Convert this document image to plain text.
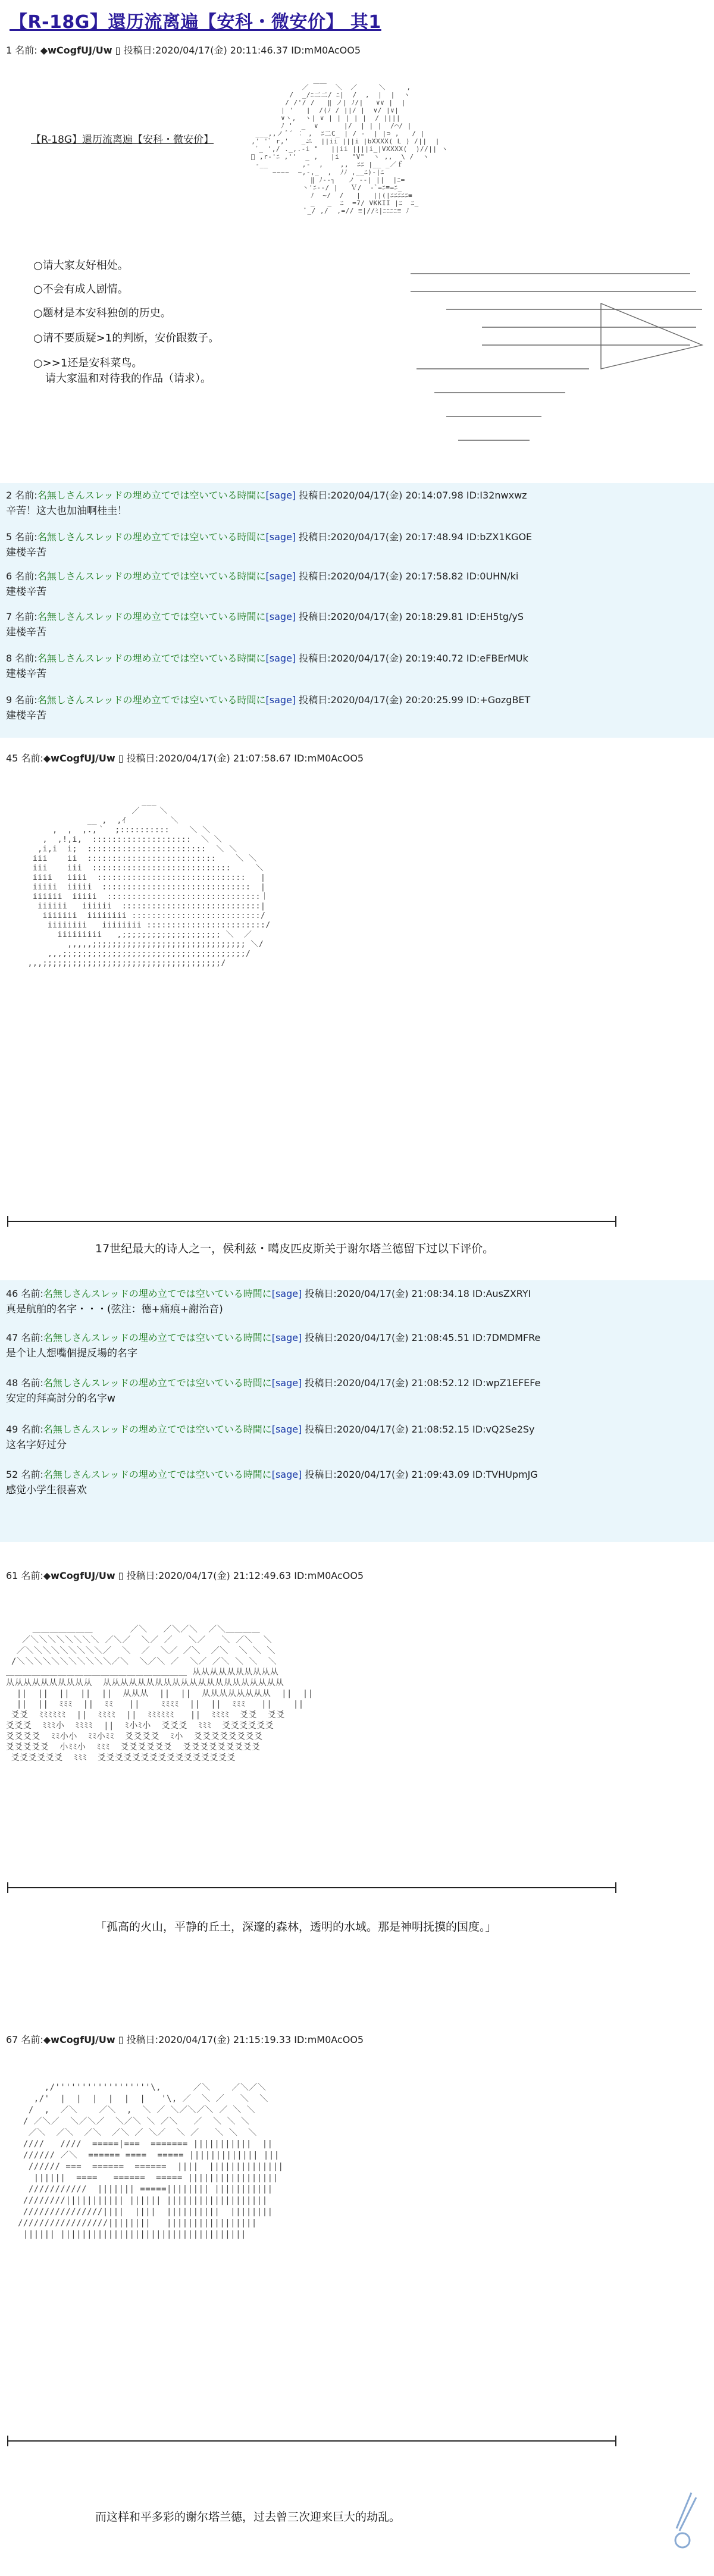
【R-18G】還历流离遍【安科・微安价】 其1
1 名前: ◆wCogfUJ/Uw ▯ 投稿日:2020/04/17(金) 20:11:46.37 ID:mM0AcOO5
【R-18G】還历流离遍【安科・微安价】
○请大家友好相处。
○不会有成人剧情。
○题材是本安科独创的历史。
○请不要质疑>1的判断，安价跟数子。
○>>1还是安科菜鸟。
请大家温和对待我的作品（请求）。
／ ￣￣  ＼  ／     ＼     ,
/  _/ﾆ二二/ ﾆ|  /  ,  |  |  ヽ
/ /'/ /   ‖ ノ| ﾉ/|   ∨∨ |  |
| '   |  /(ﾉ / ||/ |  ∨/ |∨|
∨ヽ,  ヽ| ∨ | | | | |  / ||||
ﾉ '  _  ∨      |/  | | |  /⌒/ |
___,,ノ ﾞ´ ︰ ,  ﾆ二C_ | / -  | |⊃ ,   / |
,' 'ﾞ r,'   _ニ  ||ii |||i |bXXXX( L ) /||  |
ﾟ_ ',/ ._,.-i "   ||ii ||||i_|VXXXX(  )//|| ヽ
ﾟ ,r-'ﾆ ,''  _ ,   |i   "V"  ヽ ,,  \ /  ヽ
-__        ,-  ,    ,,  ﾆﾆ |__ _／ｆ
~~~~  ~,-,_  ,  ﾉﾉ ,__ﾆ)-|ﾆ
‖ ﾉ-‐┐   ノ --| ||  |ﾆ=
ヽ'ﾆ--/ |   Ｖ/  -ﾞ=ﾆ≡=ﾆ_
ﾉ  ~/  /   |   ||(|ﾆﾆﾆﾆﾆ≡
_   _  ﾆ  =7/ VKKII |ﾆ  ﾆ_
ﾞ_/ ,/  ,=// ≡|//ﾐ|ﾆﾆﾆﾆ≡ ﾉ
2 名前:名無しさんスレッドの埋め立てでは空いている時間に[sage] 投稿日:2020/04/17(金) 20:14:07.98 ID:I32nwxwz
辛苦！这大也加油啊桂圭！
5 名前:名無しさんスレッドの埋め立てでは空いている時間に[sage] 投稿日:2020/04/17(金) 20:17:48.94 ID:bZX1KGOE
建楼辛苦
6 名前:名無しさんスレッドの埋め立てでは空いている時間に[sage] 投稿日:2020/04/17(金) 20:17:58.82 ID:0UHN/ki
建楼辛苦
7 名前:名無しさんスレッドの埋め立てでは空いている時間に[sage] 投稿日:2020/04/17(金) 20:18:29.81 ID:EH5tg/yS
建楼辛苦
8 名前:名無しさんスレッドの埋め立てでは空いている時間に[sage] 投稿日:2020/04/17(金) 20:19:40.72 ID:eFBErMUk
建楼辛苦
9 名前:名無しさんスレッドの埋め立てでは空いている時間に[sage] 投稿日:2020/04/17(金) 20:20:25.99 ID:+GozgBET
建楼辛苦
45 名前:◆wCogfUJ/Uw ▯ 投稿日:2020/04/17(金) 21:07:58.67 ID:mM0AcOO5
___
／    ＼
__ ,  ,ｲ         ＼
,  ,  ,.,｀  ;::::::::::    ＼ ＼
,  ,!,i,  ::::::::::::::::::::  ＼ ＼
,i,i  i;  ::::::::::::::::::::::::  ＼ ＼
iii    ii  ::::::::::::::::::::::::::    ＼ ＼
iii    iii  ::::::::::::::::::::::::::::     ＼
iiii   iiii  ::::::::::::::::::::::::::::::   |
iiiii  iiiii  ::::::::::::::::::::::::::::::  |
iiiiii  iiiii  :::::::::::::::::::::::::::::::｜
iiiiii   iiiiii  ::::::::::::::::::::::::::::|
iiiiiii  iiiiiiii ::::::::::::::::::::::::::/
iiiiiiii   iiiiiiii ::::::::::::::::::::::::/
iiiiiiiii   ,;;;;;;;;;;;;;;;;;;;; ＼  ／
,,,,,;;;;;;;;;;;;;;;;;;;;;;;;;;;;;;; ＼/
,,,;;;;;;;;;;;;;;;;;;;;;;;;;;;;;;;;;;;;;/
,,,;;;;;;;;;;;;;;;;;;;;;;;;;;;;;;;;;;;;/
17世纪最大的诗人之一，侯利兹・噶皮匹皮斯关于谢尔塔兰德留下过以下评价。
46 名前:名無しさんスレッドの埋め立てでは空いている時間に[sage] 投稿日:2020/04/17(金) 21:08:34.18 ID:AusZXRYI
真是航舶的名字・・・(弦注：德+痛痕+謝治音)
47 名前:名無しさんスレッドの埋め立てでは空いている時間に[sage] 投稿日:2020/04/17(金) 21:08:45.51 ID:7DMDMFRe
是个让人想嘴個提反場的名字
48 名前:名無しさんスレッドの埋め立てでは空いている時間に[sage] 投稿日:2020/04/17(金) 21:08:52.12 ID:wpZ1EFEFe
安定的拜高討分的名字w
49 名前:名無しさんスレッドの埋め立てでは空いている時間に[sage] 投稿日:2020/04/17(金) 21:08:52.15 ID:vQ2Se2Sy
这名字好过分
52 名前:名無しさんスレッドの埋め立てでは空いている時間に[sage] 投稿日:2020/04/17(金) 21:09:43.09 ID:TVHUpmJG
感觉小学生很喜欢
61 名前:◆wCogfUJ/Uw ▯ 投稿日:2020/04/17(金) 21:12:49.63 ID:mM0AcOO5
＿＿＿＿＿＿＿       ／＼   ／＼／＼  ／＼＿＿＿＿
／＼＼＼＼＼＼＼＼ ／＼／  ＼／ ／   ＼／   ＼ ／＼  ＼
／＼＼＼＼＼＼＼＼＼／  ＼  ／  ＼／ ／＼  ／＼  ＼ ＼ ＼
/＼＼＼＼＼＼＼＼＼＼＼／＼  ＼／＼ ／  ＼／ ／＼ ＼ ＼  ＼
＿＿＿＿＿＿＿＿＿＿＿＿＿＿＿＿＿＿＿＿＿ 从从从从从从从从从从
从从从从从从从从从从  从从从从从从从从从从从从从从从从从从从从从
||  ||  ||  ||  ||  从从从  ||  ||  从从从从从从从从  ||  ||
||  ||  ﾐﾐﾐ  ||  ﾐﾐ   ||    ﾐﾐﾐﾐ  ||  ||  ﾐﾐﾐ   ||    ||
爻爻  ﾐﾐﾐﾐﾐﾐ  ||  ﾐﾐﾐﾐ  ||  ﾐﾐﾐﾐﾐﾐ   ||  ﾐﾐﾐﾐ  爻爻  爻爻
爻爻爻  ﾐﾐﾐ小  ﾐﾐﾐﾐ  ||  ﾐ小ﾐ小  爻爻爻  ﾐﾐﾐ  爻爻爻爻爻爻
爻爻爻爻  ﾐﾐ小小  ﾐﾐ小ﾐﾐ  爻爻爻爻  ﾐ小  爻爻爻爻爻爻爻爻
爻爻爻爻爻  小ﾐﾐ小  ﾐﾐﾐ  爻爻爻爻爻爻  爻爻爻爻爻爻爻爻爻
爻爻爻爻爻爻  ﾐﾐﾐ  爻爻爻爻爻爻爻爻爻爻爻爻爻爻爻爻
「孤高的火山，平静的丘土，深邃的森林，透明的水域。那是神明抚摸的国度。」
67 名前:◆wCogfUJ/Uw ▯ 投稿日:2020/04/17(金) 21:15:19.33 ID:mM0AcOO5
,/''''''''''''''''''\,      ／＼    ／＼／＼
,/'  |  |  |  |  |  |   '\, ／  ＼ ／   ＼  ＼
/  ,  ／＼    ／＼  ,  ＼ ／ ＼／＼／＼ ／ ＼ ＼
/ ／＼／  ＼／＼／  ＼／＼ ＼ ／＼   ／  ＼ ＼ ＼
／＼  ／＼  ／＼  ／＼ ／ ＼／  ＼ ／   ＼ ＼  ＼
////   ////  =====|===  ======= |||||||||||  ||
////// ／＼  ====== ====  ===== ||||||||||||| |||
////// ===  ======  ======  ||||  ||||||||||||||
||||||  ====   ======  ===== |||||||||||||||||
///////////  ||||||| =====|||||||| |||||||||||
////////||||||||||| |||||| |||||||||||||||||||
///////////////||||  ||||  ||||||||||  ||||||||
/////////////////||||||||   |||||||||||||||||
|||||| |||||||||||||||||||||||||||||||||||
而这样和平多彩的谢尔塔兰德，过去曾三次迎来巨大的劫乱。
